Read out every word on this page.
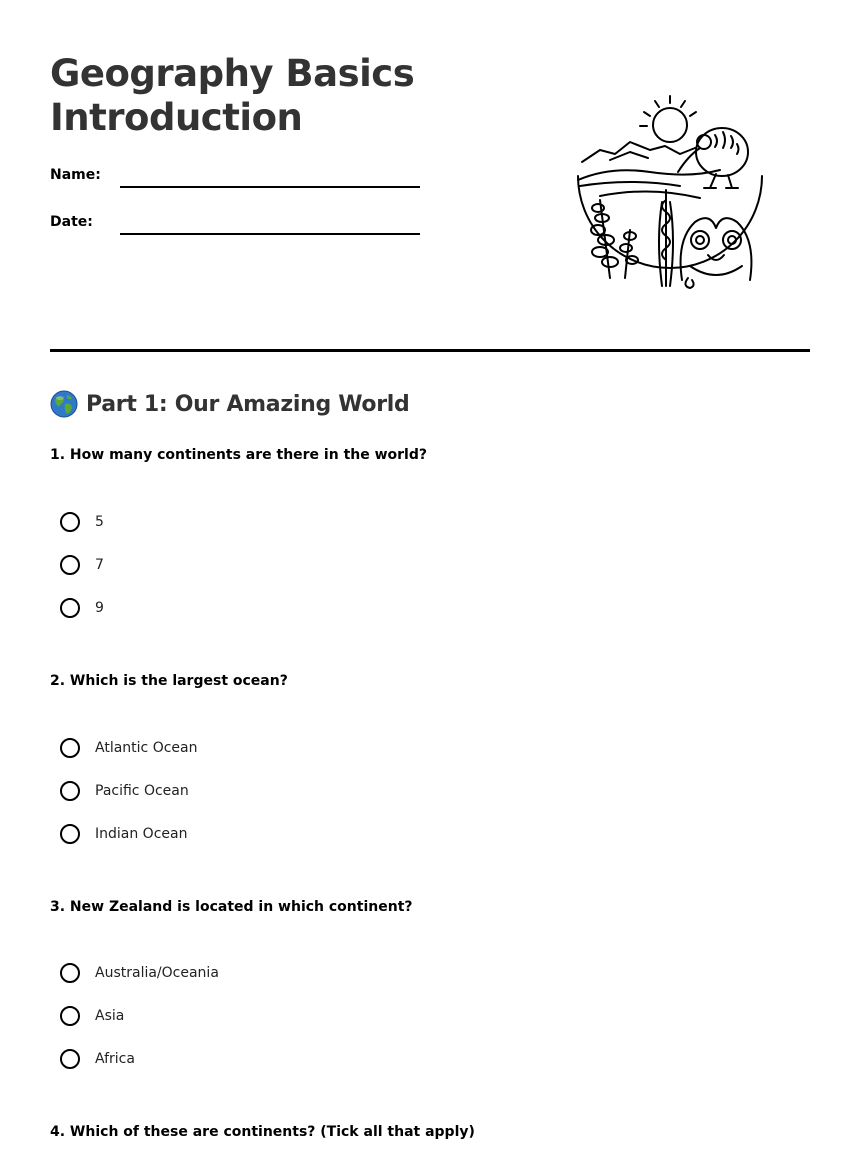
Geography Basics
Introduction
Name:
Date:
Part 1: Our Amazing World
1. How many continents are there in the world?
5
7
9
2. Which is the largest ocean?
Atlantic Ocean
Pacific Ocean
Indian Ocean
3. New Zealand is located in which continent?
Australia/Oceania
Asia
Africa
4. Which of these are continents? (Tick all that apply)
